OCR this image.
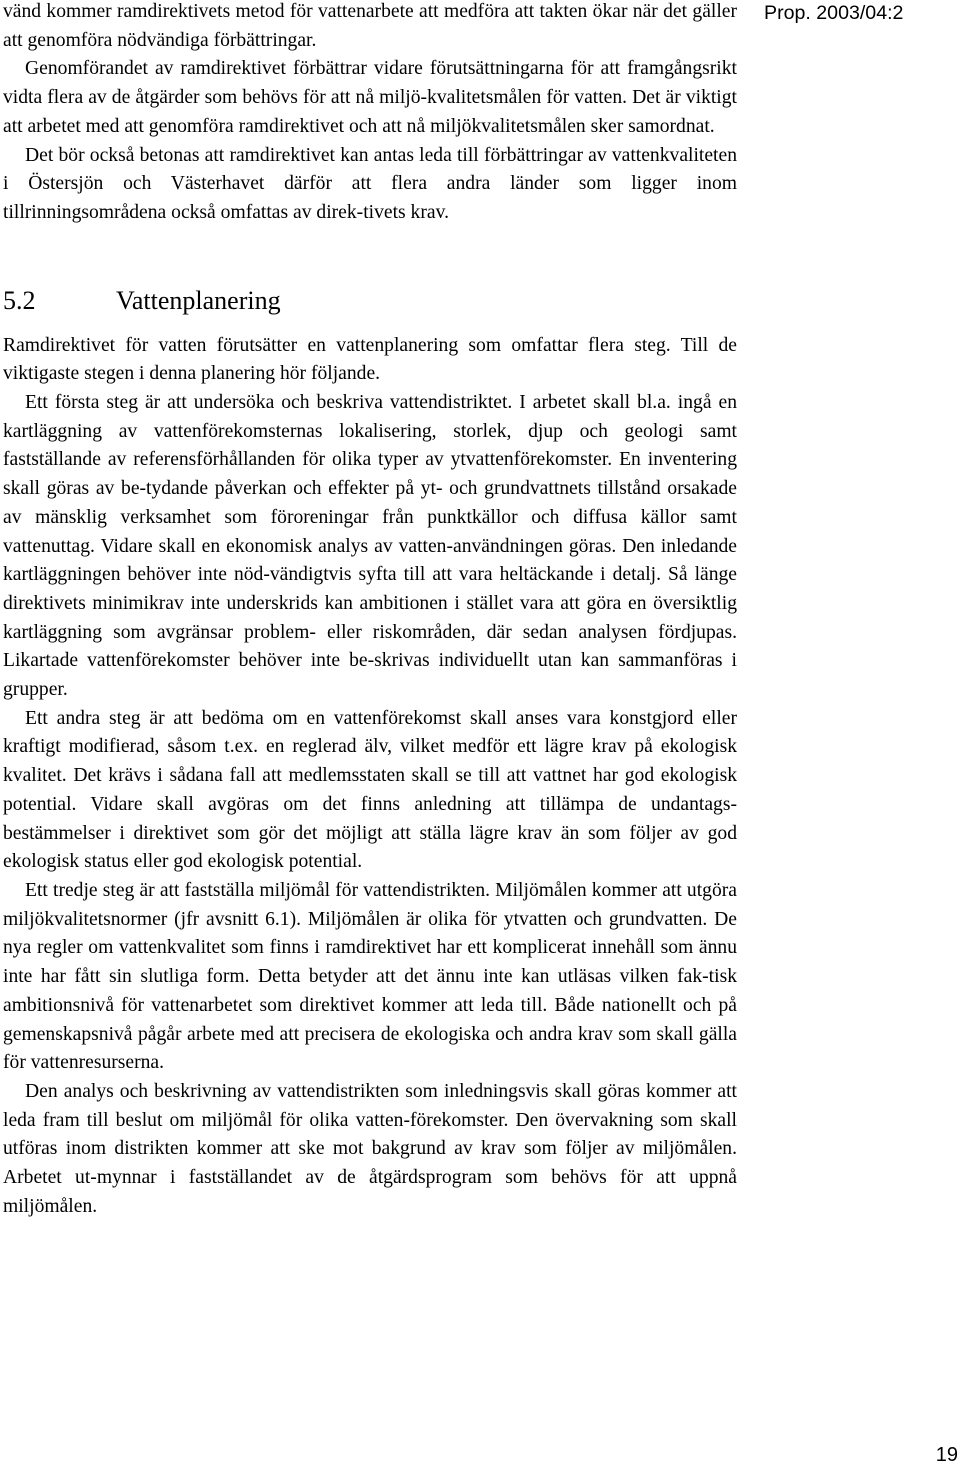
vänd kommer ramdirektivets metod för vattenarbete att medföra att takten ökar när det gäller att genomföra nödvändiga förbättringar.

Genomförandet av ramdirektivet förbättrar vidare förutsättningarna för att framgångsrikt vidta flera av de åtgärder som behövs för att nå miljö-kvalitetsmålen för vatten. Det är viktigt att arbetet med att genomföra ramdirektivet och att nå miljökvalitetsmålen sker samordnat.

Det bör också betonas att ramdirektivet kan antas leda till förbättringar av vattenkvaliteten i Östersjön och Västerhavet därför att flera andra länder som ligger inom tillrinningsområdena också omfattas av direk-tivets krav.

5.2	Vattenplanering

Ramdirektivet för vatten förutsätter en vattenplanering som omfattar flera steg. Till de viktigaste stegen i denna planering hör följande.

Ett första steg är att undersöka och beskriva vattendistriktet. I arbetet skall bl.a. ingå en kartläggning av vattenförekomsternas lokalisering, storlek, djup och geologi samt fastställande av referensförhållanden för olika typer av ytvattenförekomster. En inventering skall göras av be-tydande påverkan och effekter på yt- och grundvattnets tillstånd orsakade av mänsklig verksamhet som föroreningar från punktkällor och diffusa källor samt vattenuttag. Vidare skall en ekonomisk analys av vatten-användningen göras. Den inledande kartläggningen behöver inte nöd-vändigtvis syfta till att vara heltäckande i detalj. Så länge direktivets minimikrav inte underskrids kan ambitionen i stället vara att göra en översiktlig kartläggning som avgränsar problem- eller riskområden, där sedan analysen fördjupas. Likartade vattenförekomster behöver inte be-skrivas individuellt utan kan sammanföras i grupper.

Ett andra steg är att bedöma om en vattenförekomst skall anses vara konstgjord eller kraftigt modifierad, såsom t.ex. en reglerad älv, vilket medför ett lägre krav på ekologisk kvalitet. Det krävs i sådana fall att medlemsstaten skall se till att vattnet har god ekologisk potential. Vidare skall avgöras om det finns anledning att tillämpa de undantags-bestämmelser i direktivet som gör det möjligt att ställa lägre krav än som följer av god ekologisk status eller god ekologisk potential.

Ett tredje steg är att fastställa miljömål för vattendistrikten. Miljömålen kommer att utgöra miljökvalitetsnormer (jfr avsnitt 6.1). Miljömålen är olika för ytvatten och grundvatten. De nya regler om vattenkvalitet som finns i ramdirektivet har ett komplicerat innehåll som ännu inte har fått sin slutliga form. Detta betyder att det ännu inte kan utläsas vilken fak-tisk ambitionsnivå för vattenarbetet som direktivet kommer att leda till. Både nationellt och på gemenskapsnivå pågår arbete med att precisera de ekologiska och andra krav som skall gälla för vattenresurserna.

Den analys och beskrivning av vattendistrikten som inledningsvis skall göras kommer att leda fram till beslut om miljömål för olika vatten-förekomster. Den övervakning som skall utföras inom distrikten kommer att ske mot bakgrund av krav som följer av miljömålen. Arbetet ut-mynnar i fastställandet av de åtgärdsprogram som behövs för att uppnå miljömålen.

Prop. 2003/04:2
19
